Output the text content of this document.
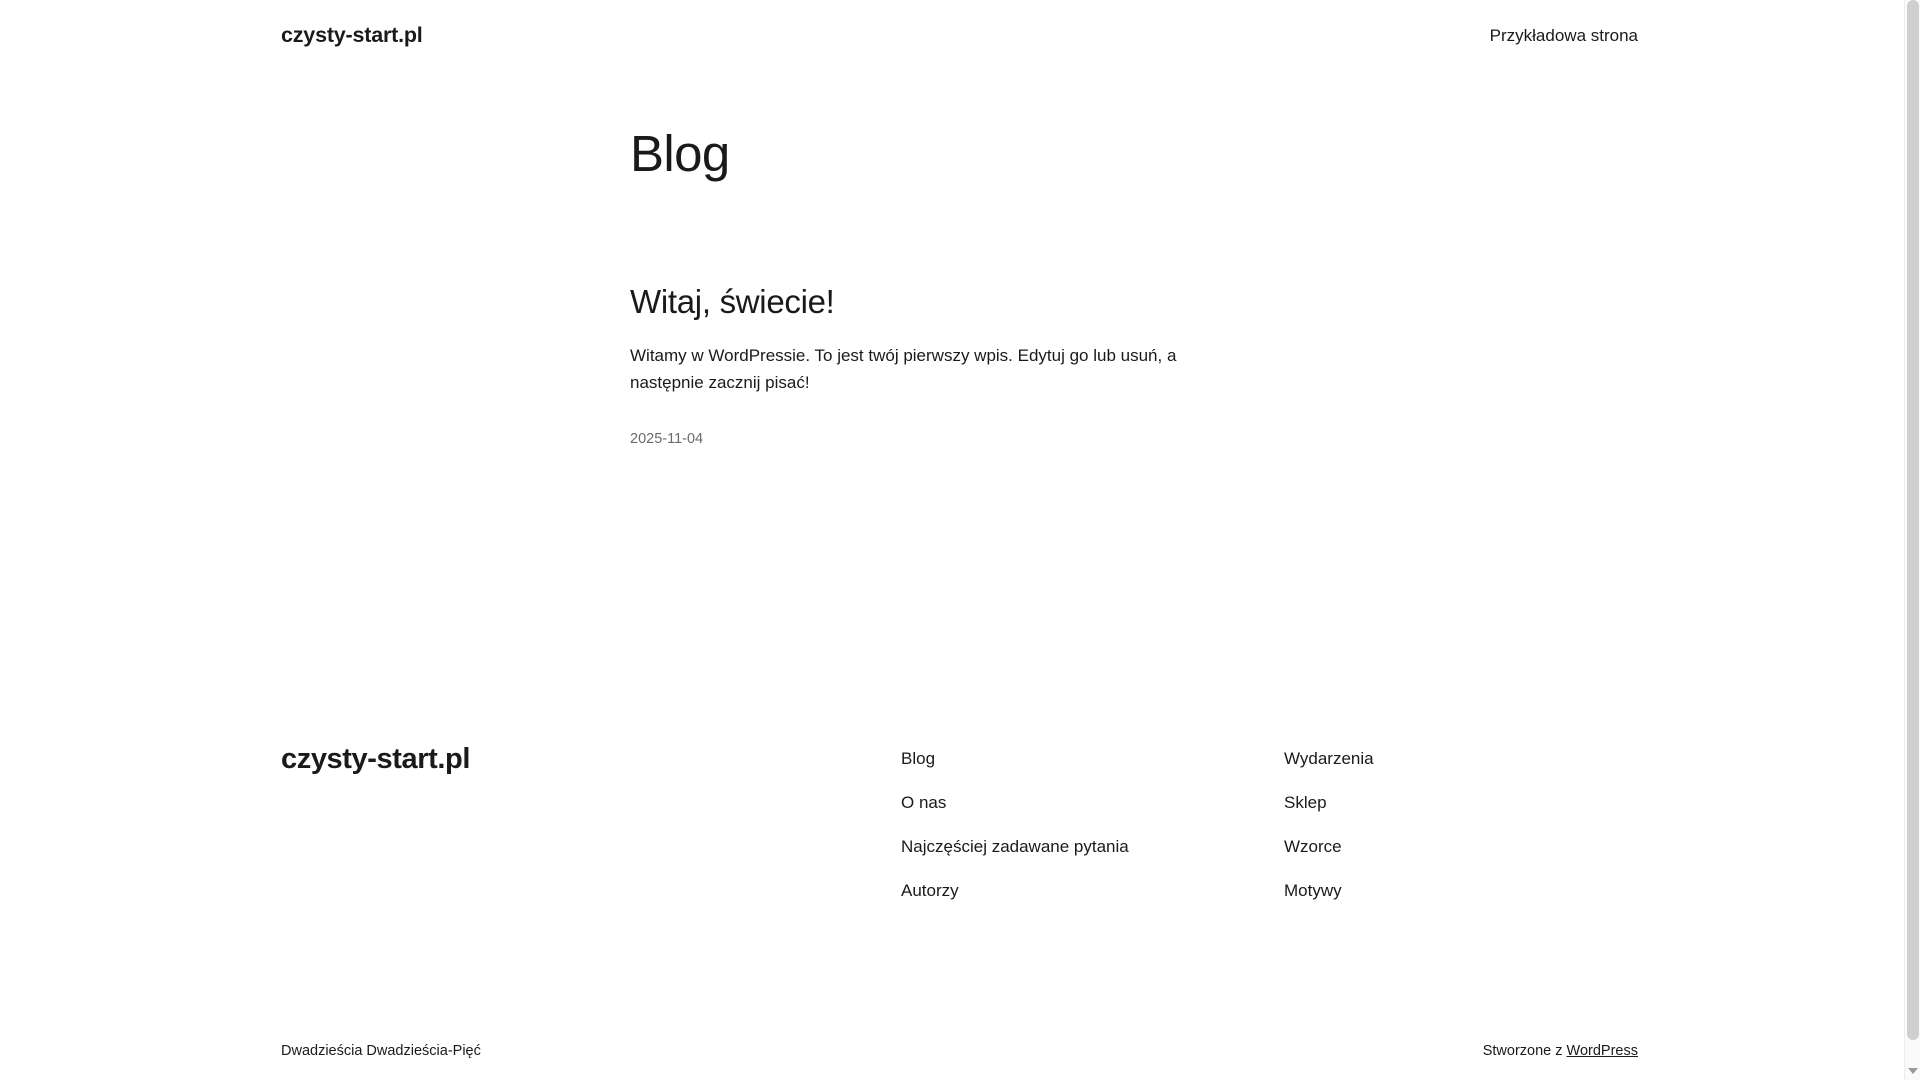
czysty-start.pl	Przykładowa strona
Blog
Witaj, świecie!

Witamy w WordPressie. To jest twój pierwszy wpis. Edytuj go lub usuń, a następnie zacznij pisać!

2025-11-04
czysty-start.pl	Blog
O nas
Najczęściej zadawane pytania
Autorzy
Wydarzenia
Sklep
Wzorce
Motywy
Dwadzieścia Dwadzieścia-Pięć	Stworzone z WordPress
